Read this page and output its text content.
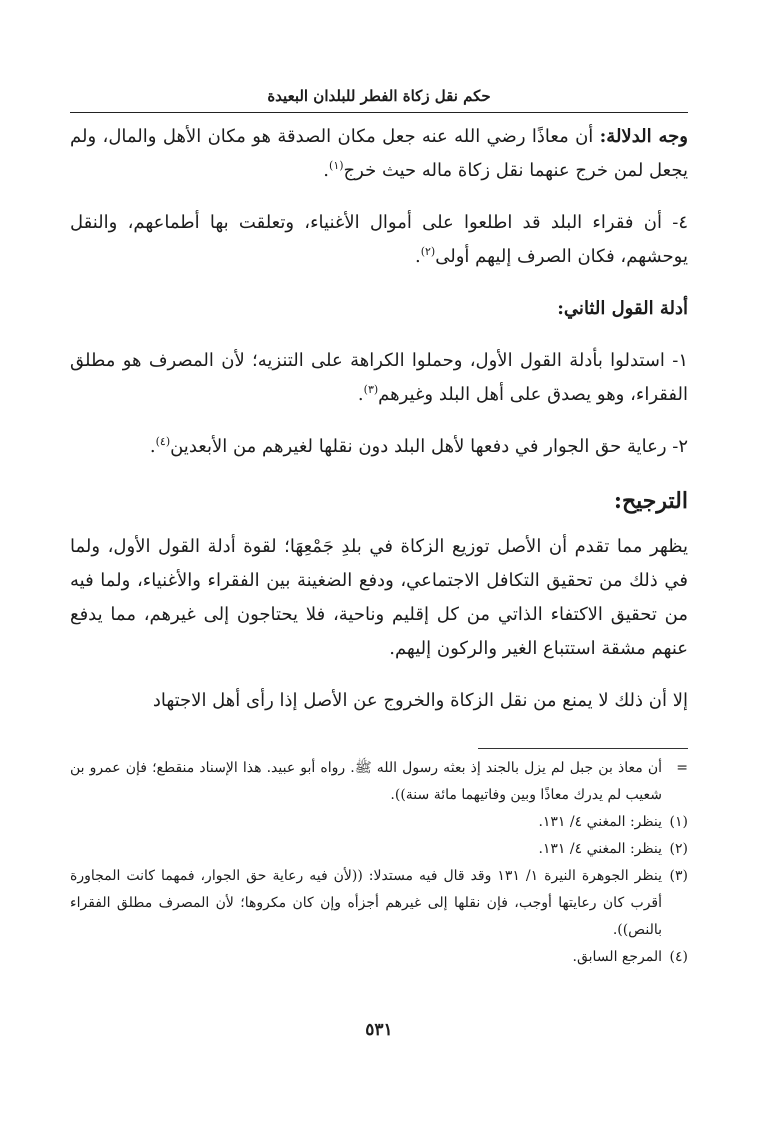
حكم نقل زكاة الفطر للبلدان البعيدة

وجه الدلالة: أن معاذًا رضي الله عنه جعل مكان الصدقة هو مكان الأهل والمال، ولم يجعل لمن خرج عنهما نقل زكاة ماله حيث خرج$^{(١)}$.

٤- أن فقراء البلد قد اطلعوا على أموال الأغنياء، وتعلقت بها أطماعهم، والنقل يوحشهم، فكان الصرف إليهم أولى$^{(٢)}$.

أدلة القول الثاني:

١- استدلوا بأدلة القول الأول، وحملوا الكراهة على التنزيه؛ لأن المصرف هو مطلق الفقراء، وهو يصدق على أهل البلد وغيرهم$^{(٣)}$.

٢- رعاية حق الجوار في دفعها لأهل البلد دون نقلها لغيرهم من الأبعدين$^{(٤)}$.

الترجيح:

يظهر مما تقدم أن الأصل توزيع الزكاة في بلدِ جَمْعِهَا؛ لقوة أدلة القول الأول، ولما في ذلك من تحقيق التكافل الاجتماعي، ودفع الضغينة بين الفقراء والأغنياء، ولما فيه من تحقيق الاكتفاء الذاتي من كل إقليم وناحية، فلا يحتاجون إلى غيرهم، مما يدفع عنهم مشقة استتباع الغير والركون إليهم.

إلا أن ذلك لا يمنع من نقل الزكاة والخروج عن الأصل إذا رأى أهل الاجتهاد

=
أن معاذ بن جبل لم يزل بالجند إذ بعثه رسول الله ﷺ. رواه أبو عبيد. هذا الإسناد منقطع؛ فإن عمرو بن شعيب لم يدرك معاذًا وبين وفاتيهما مائة سنة)).
(١)
ينظر: المغني ٤/ ١٣١.
(٢)
ينظر: المغني ٤/ ١٣١.
(٣)
ينظر الجوهرة النيرة ١/ ١٣١ وقد قال فيه مستدلا: ((لأن فيه رعاية حق الجوار، فمهما كانت المجاورة أقرب كان رعايتها أوجب، فإن نقلها إلى غيرهم أجزأه وإن كان مكروها؛ لأن المصرف مطلق الفقراء بالنص)).
(٤)
المرجع السابق.
٥٣١
